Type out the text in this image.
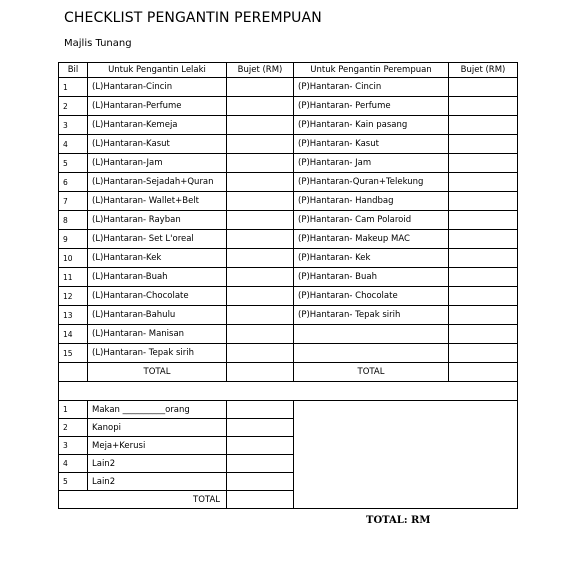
CHECKLIST PENGANTIN PEREMPUAN
Majlis Tunang
Bil	Untuk Pengantin Lelaki	Bujet (RM)	Untuk Pengantin Perempuan	Bujet (RM)
1	(L)Hantaran-Cincin		(P)Hantaran- Cincin	
2	(L)Hantaran-Perfume		(P)Hantaran- Perfume	
3	(L)Hantaran-Kemeja		(P)Hantaran- Kain pasang	
4	(L)Hantaran-Kasut		(P)Hantaran- Kasut	
5	(L)Hantaran-Jam		(P)Hantaran- Jam	
6	(L)Hantaran-Sejadah+Quran		(P)Hantaran-Quran+Telekung	
7	(L)Hantaran- Wallet+Belt		(P)Hantaran- Handbag	
8	(L)Hantaran- Rayban		(P)Hantaran- Cam Polaroid	
9	(L)Hantaran- Set L'oreal		(P)Hantaran- Makeup MAC	
10	(L)Hantaran-Kek		(P)Hantaran- Kek	
11	(L)Hantaran-Buah		(P)Hantaran- Buah	
12	(L)Hantaran-Chocolate		(P)Hantaran- Chocolate	
13	(L)Hantaran-Bahulu		(P)Hantaran- Tepak sirih	
14	(L)Hantaran- Manisan			
15	(L)Hantaran- Tepak sirih			
	TOTAL		TOTAL	

1	Makan __________orang		
2	Kanopi		
3	Meja+Kerusi		
4	Lain2		
5	Lain2		
TOTAL			
TOTAL: RM
